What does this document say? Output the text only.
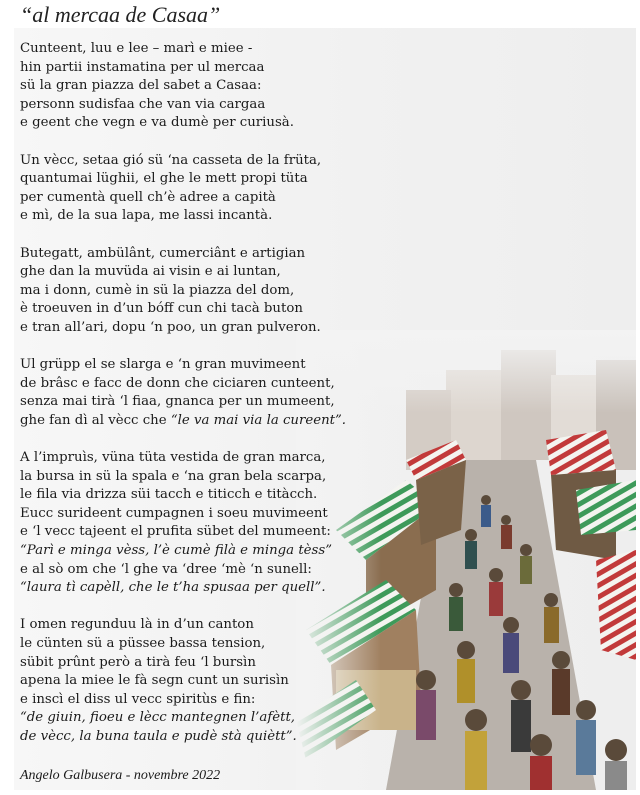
“al mercaa de Casaa”

Cunteent, luu e lee – marì e miee -
hin partii instamatina per ul mercaa
sü la gran piazza del sabet a Casaa:
personn sudisfaa che van via cargaa
e geent che vegn e va dumè per curiusà.

Un vècc, setaa gió sü ‘na casseta de la früta,
quantumai lüghii, el ghe le mett propi tüta
per cumentà quell ch’è adree a capità
e mì, de la sua lapa, me lassi incantà.

Butegatt, ambülânt, cumerciânt e artigian
ghe dan la muvüda ai visin e ai luntan,
ma i donn, cumè in sü la piazza del dom,
è troeuven in d’un bóff cun chi tacà buton
e tran all’ari, dopu ‘n poo, un gran pulveron.

Ul grüpp el se slarga e ‘n gran muvimeent
de brâsc e facc de donn che ciciaren cunteent,
senza mai tirà ‘l fiaa, gnanca per un mumeent,
ghe fan dì al vècc che “le va mai via la cureent”.

A l’impruìs, vüna tüta vestida de gran marca,
la bursa in sü la spala e ‘na gran bela scarpa,
le fila via drizza süi tacch e titicch e titàcch.
Eucc surideent cumpagnen i soeu muvimeent
e ‘l vecc tajeent el prufita sübet del mumeent:
“Parì e minga vèss, l’è cumè filà e minga tèss”
e al sò om che ‘l ghe va ‘dree ‘mè ‘n sunell:
“laura tì capèll, che le t’ha spusaa per quell”.

I omen regunduu là in d’un canton
le cünten sü a püssee bassa tension,
sübit prûnt però a tirà feu ‘l bursìn
apena la miee le fà segn cunt un surisìn
e inscì el diss ul vecc spiritùs e fin:
“de giuin, fioeu e lècc mantegnen l’afètt,
de vècc, la buna taula e pudè stà quiètt”.

Angelo Galbusera - novembre 2022
